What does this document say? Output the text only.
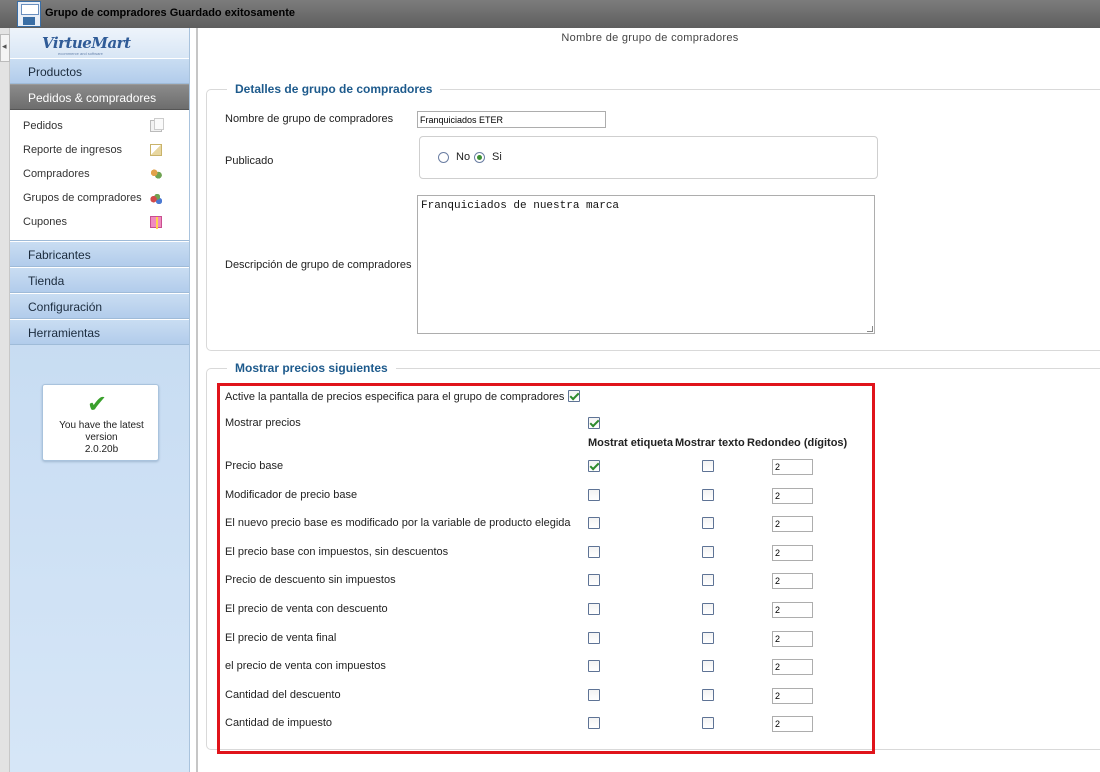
Grupo de compradores Guardado exitosamente
◂ VirtueMart
ecommerce and software
Productos
Pedidos & compradores
Pedidos
Reporte de ingresos
Compradores
Grupos de compradores
Cupones
Fabricantes
Tienda
Configuración
Herramientas
✔
You have the latest
version
2.0.20b
Nombre de grupo de compradores
Detalles de grupo de compradores
Mostrar precios siguientes
Nombre de grupo de compradores
Franquiciados ETER
Publicado	No Si
Descripción de grupo de compradores
Franquiciados de nuestra marca
Active la pantalla de precios especifica para el grupo de compradores
Mostrar precios
Mostrat etiqueta Mostrar texto Redondeo (dígitos)
Precio base
2
Modificador de precio base
2
El nuevo precio base es modificado por la variable de producto elegida
2
El precio base con impuestos, sin descuentos
2
Precio de descuento sin impuestos
2
El precio de venta con descuento
2
El precio de venta final
2
el precio de venta con impuestos
2
Cantidad del descuento
2
Cantidad de impuesto
2
